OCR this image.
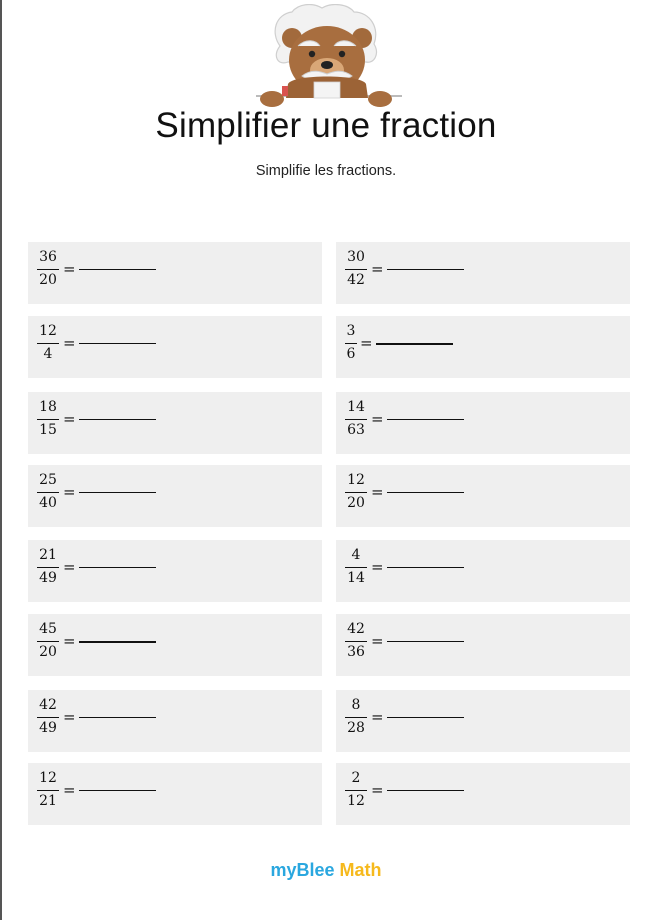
Simplifier une fraction
Simplifie les fractions.
36
20
=
30
42
=
12
4
=
3
6
=
18
15
=
14
63
=
25
40
=
12
20
=
21
49
=
4
14
=
45
20
=
42
36
=
42
49
=
8
28
=
12
21
=
2
12
=
myBlee Math
